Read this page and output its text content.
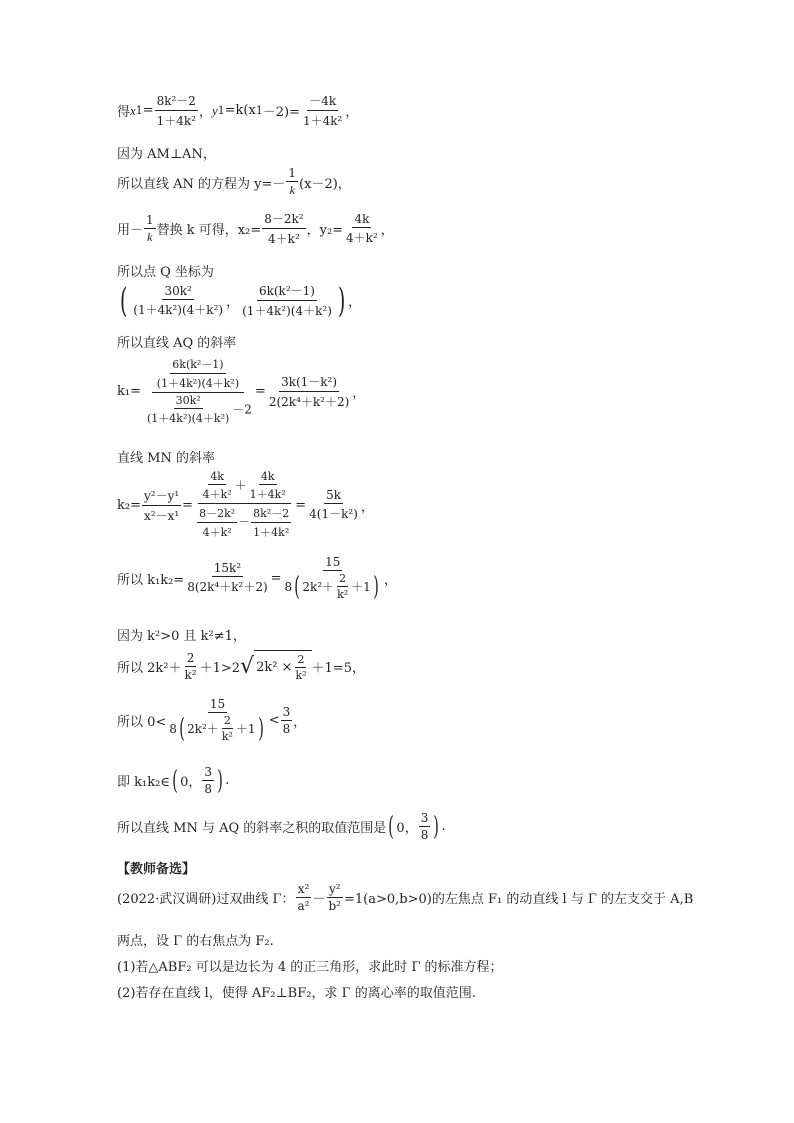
得 x $1 = \frac{\text{8k²－2}}{\text{1＋4k²}}$ ， y 1 =k(x $1 -2)= \frac{-4k}{\text{1＋4k²}}$ ，
因为 AM⊥AN，
所以直线 AN 的方程为 $y=- \frac{1}{k} (x-2)$，
用－ $\frac{1}{k}$ 替换 k 可得，$x_2= \frac{\text{8－2k²}}{\text{4＋k²}}$ ，$y_2= \frac{4k}{\text{4＋k²}}$ ，
所以点 Q 坐标为
( $\frac{\text{30k²}}{\text{(1＋4k²)(4＋k²)}}$ ， $\frac{\text{6k(k²－1)}}{\text{(1＋4k²)(4＋k²)}}$ ) ，
所以直线 AQ 的斜率
$k_1= \frac{\frac{\text{6k(k²－1)}}{\text{(1＋4k²)(4＋k²)}}}{\frac{\text{30k²}}{\text{(1＋4k²)(4＋k²)}} -2} = \frac{\text{3k(1－k²)}}{\text{2(2k⁴＋k²＋2)}}$ ，
直线 MN 的斜率
$k_2= \frac{\text{y²－y¹}}{\text{x²－x¹}} = \frac{\frac{4k}{\text{4＋k²}} + \frac{4k}{\text{1＋4k²}}}{\frac{\text{8－2k²}}{\text{4＋k²}} - \frac{\text{8k²－2}}{\text{1＋4k²}}} = \frac{5k}{\text{4(1－k²)}}$ ，
所以 $k_1k_2= \frac{\text{15k²}}{\text{8(2k⁴＋k²＋2)}} = \frac{15}{8 ( 2k^2+ \frac{2}{\text{k²}} +1 )}$ ，
因为 k²>0 且 k²≠1，
所以 $2k^2+ \frac{2}{\text{k²}} +1>2$ √ $2k^2 \times \frac{2}{\text{k²}} +1=5$，
所以 $0< \frac{15}{8 ( 2k^2+ \frac{2}{\text{k²}} +1 )} < \frac{3}{8}$ ，
即 k₁k₂∈ ( 0， $\frac{3}{8}$ ) .
所以直线 MN 与 AQ 的斜率之积的取值范围是 ( 0， $\frac{3}{8}$ ) .
【教师备选】
(2022·武汉调研)过双曲线 Γ： $\frac{\text{x²}}{\text{a²}} - \frac{\text{y²}}{\text{b²}} =1(a>0,b>0)$的左焦点 F₁ 的动直线 l 与 Γ 的左支交于 A,B
两点，设 Γ 的右焦点为 F₂.
(1)若△ABF₂ 可以是边长为 4 的正三角形，求此时 Γ 的标准方程；
(2)若存在直线 l，使得 AF₂⊥BF₂，求 Γ 的离心率的取值范围.
